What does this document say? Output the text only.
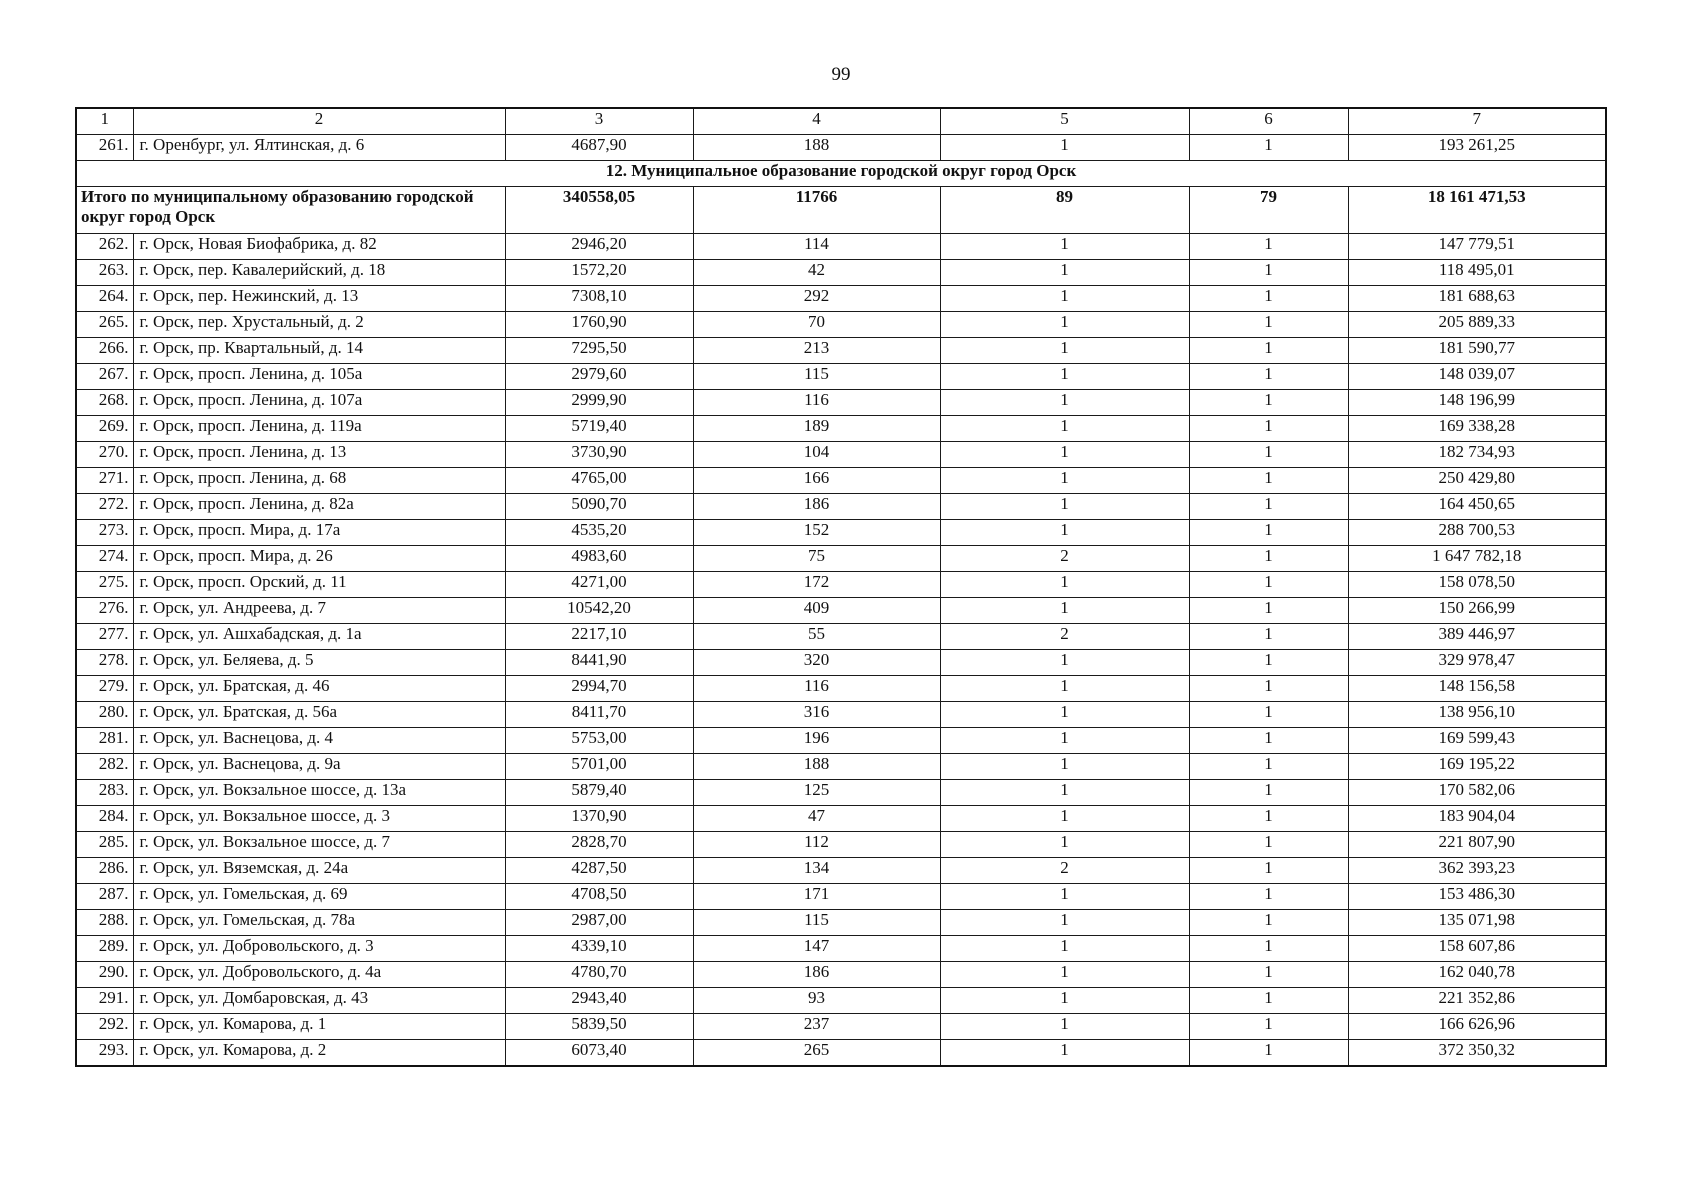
99
1	2	3	4	5	6	7
261.	г. Оренбург, ул. Ялтинская, д. 6	4687,90	188	1	1	193 261,25
12. Муниципальное образование городской округ город Орск						
Итого по муниципальному образованию городской округ город Орск		340558,05	11766	89	79	18 161 471,53
262.	г. Орск, Новая Биофабрика, д. 82	2946,20	114	1	1	147 779,51
263.	г. Орск, пер. Кавалерийский, д. 18	1572,20	42	1	1	118 495,01
264.	г. Орск, пер. Нежинский, д. 13	7308,10	292	1	1	181 688,63
265.	г. Орск, пер. Хрустальный, д. 2	1760,90	70	1	1	205 889,33
266.	г. Орск, пр. Квартальный, д. 14	7295,50	213	1	1	181 590,77
267.	г. Орск, просп. Ленина, д. 105а	2979,60	115	1	1	148 039,07
268.	г. Орск, просп. Ленина, д. 107а	2999,90	116	1	1	148 196,99
269.	г. Орск, просп. Ленина, д. 119а	5719,40	189	1	1	169 338,28
270.	г. Орск, просп. Ленина, д. 13	3730,90	104	1	1	182 734,93
271.	г. Орск, просп. Ленина, д. 68	4765,00	166	1	1	250 429,80
272.	г. Орск, просп. Ленина, д. 82а	5090,70	186	1	1	164 450,65
273.	г. Орск, просп. Мира, д. 17а	4535,20	152	1	1	288 700,53
274.	г. Орск, просп. Мира, д. 26	4983,60	75	2	1	1 647 782,18
275.	г. Орск, просп. Орский, д. 11	4271,00	172	1	1	158 078,50
276.	г. Орск, ул. Андреева, д. 7	10542,20	409	1	1	150 266,99
277.	г. Орск, ул. Ашхабадская, д. 1а	2217,10	55	2	1	389 446,97
278.	г. Орск, ул. Беляева, д. 5	8441,90	320	1	1	329 978,47
279.	г. Орск, ул. Братская, д. 46	2994,70	116	1	1	148 156,58
280.	г. Орск, ул. Братская, д. 56а	8411,70	316	1	1	138 956,10
281.	г. Орск, ул. Васнецова, д. 4	5753,00	196	1	1	169 599,43
282.	г. Орск, ул. Васнецова, д. 9а	5701,00	188	1	1	169 195,22
283.	г. Орск, ул. Вокзальное шоссе, д. 13а	5879,40	125	1	1	170 582,06
284.	г. Орск, ул. Вокзальное шоссе, д. 3	1370,90	47	1	1	183 904,04
285.	г. Орск, ул. Вокзальное шоссе, д. 7	2828,70	112	1	1	221 807,90
286.	г. Орск, ул. Вяземская, д. 24а	4287,50	134	2	1	362 393,23
287.	г. Орск, ул. Гомельская, д. 69	4708,50	171	1	1	153 486,30
288.	г. Орск, ул. Гомельская, д. 78а	2987,00	115	1	1	135 071,98
289.	г. Орск, ул. Добровольского, д. 3	4339,10	147	1	1	158 607,86
290.	г. Орск, ул. Добровольского, д. 4а	4780,70	186	1	1	162 040,78
291.	г. Орск, ул. Домбаровская, д. 43	2943,40	93	1	1	221 352,86
292.	г. Орск, ул. Комарова, д. 1	5839,50	237	1	1	166 626,96
293.	г. Орск, ул. Комарова, д. 2	6073,40	265	1	1	372 350,32
